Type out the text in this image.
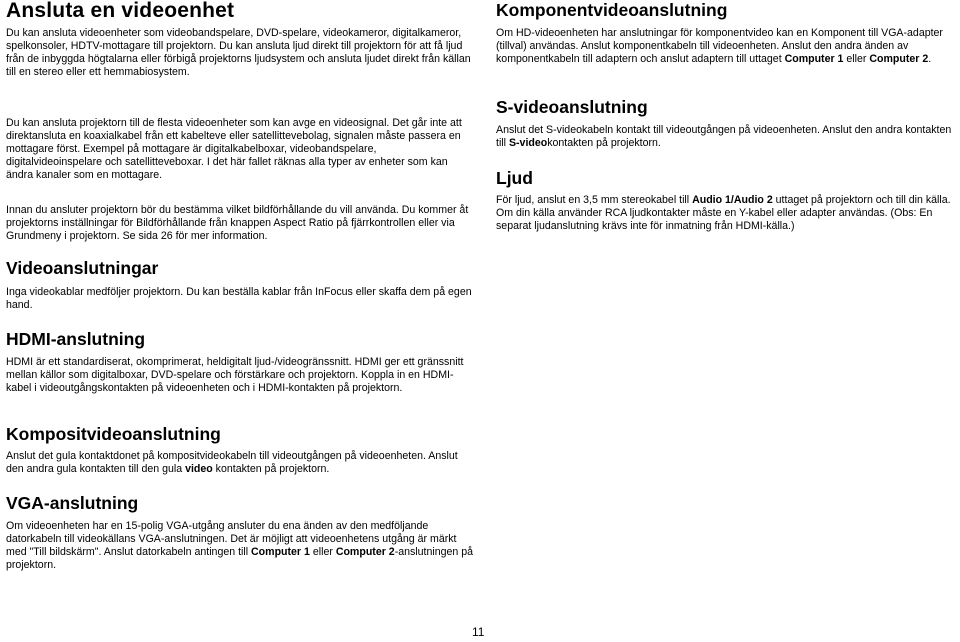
Ansluta en videoenhet

Du kan ansluta videoenheter som videobandspelare, DVD-spelare, videokameror, digitalkameror, spelkonsoler, HDTV-mottagare till projektorn. Du kan ansluta ljud direkt till projektorn för att få ljud från de inbyggda högtalarna eller förbigå projektorns ljudsystem och ansluta ljudet direkt från källan till en stereo eller ett hemmabiosystem.

Du kan ansluta projektorn till de flesta videoenheter som kan avge en videosignal. Det går inte att direktansluta en koaxialkabel från ett kabelteve eller satellittevebolag, signalen måste passera en mottagare först. Exempel på mottagare är digitalkabelboxar, videobandspelare, digitalvideoinspelare och satellitteveboxar. I det här fallet räknas alla typer av enheter som kan ändra kanaler som en mottagare.

Innan du ansluter projektorn bör du bestämma vilket bildförhållande du vill använda. Du kommer åt projektorns inställningar för Bildförhållande från knappen Aspect Ratio på fjärrkontrollen eller via Grundmeny i projektorn. Se sida 26 för mer information.

Videoanslutningar

Inga videokablar medföljer projektorn. Du kan beställa kablar från InFocus eller skaffa dem på egen hand.

HDMI-anslutning

HDMI är ett standardiserat, okomprimerat, heldigitalt ljud-/videogränssnitt. HDMI ger ett gränssnitt mellan källor som digitalboxar, DVD-spelare och förstärkare och projektorn. Koppla in en HDMI-kabel i videoutgångskontakten på videoenheten och i HDMI-kontakten på projektorn.

Kompositvideoanslutning

Anslut det gula kontaktdonet på kompositvideokabeln till videoutgången på videoenheten. Anslut den andra gula kontakten till den gula video kontakten på projektorn.

VGA-anslutning

Om videoenheten har en 15-polig VGA-utgång ansluter du ena änden av den medföljande datorkabeln till videokällans VGA-anslutningen. Det är möjligt att videoenhetens utgång är märkt med "Till bildskärm". Anslut datorkabeln antingen till Computer 1 eller Computer 2-anslutningen på projektorn.

Komponentvideoanslutning

Om HD-videoenheten har anslutningar för komponentvideo kan en Komponent till VGA-adapter (tillval) användas. Anslut komponentkabeln till videoenheten. Anslut den andra änden av komponentkabeln till adaptern och anslut adaptern till uttaget Computer 1 eller Computer 2.

S-videoanslutning

Anslut det S-videokabeln kontakt till videoutgången på videoenheten. Anslut den andra kontakten till S-videokontakten på projektorn.

Ljud

För ljud, anslut en 3,5 mm stereokabel till Audio 1/Audio 2 uttaget på projektorn och till din källa. Om din källa använder RCA ljudkontakter måste en Y-kabel eller adapter användas. (Obs: En separat ljudanslutning krävs inte för inmatning från HDMI-källa.)

11
